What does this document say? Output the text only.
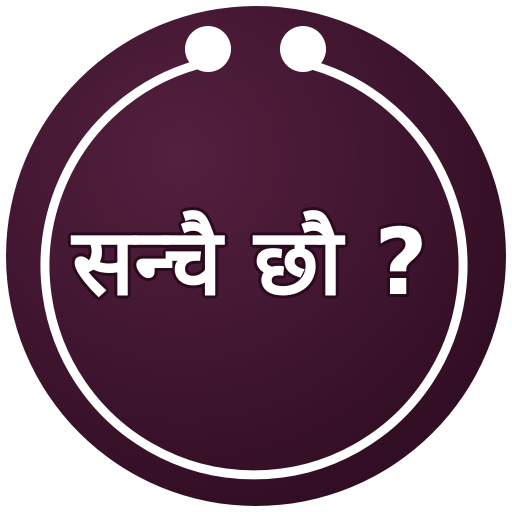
सन्चै छौ ?
